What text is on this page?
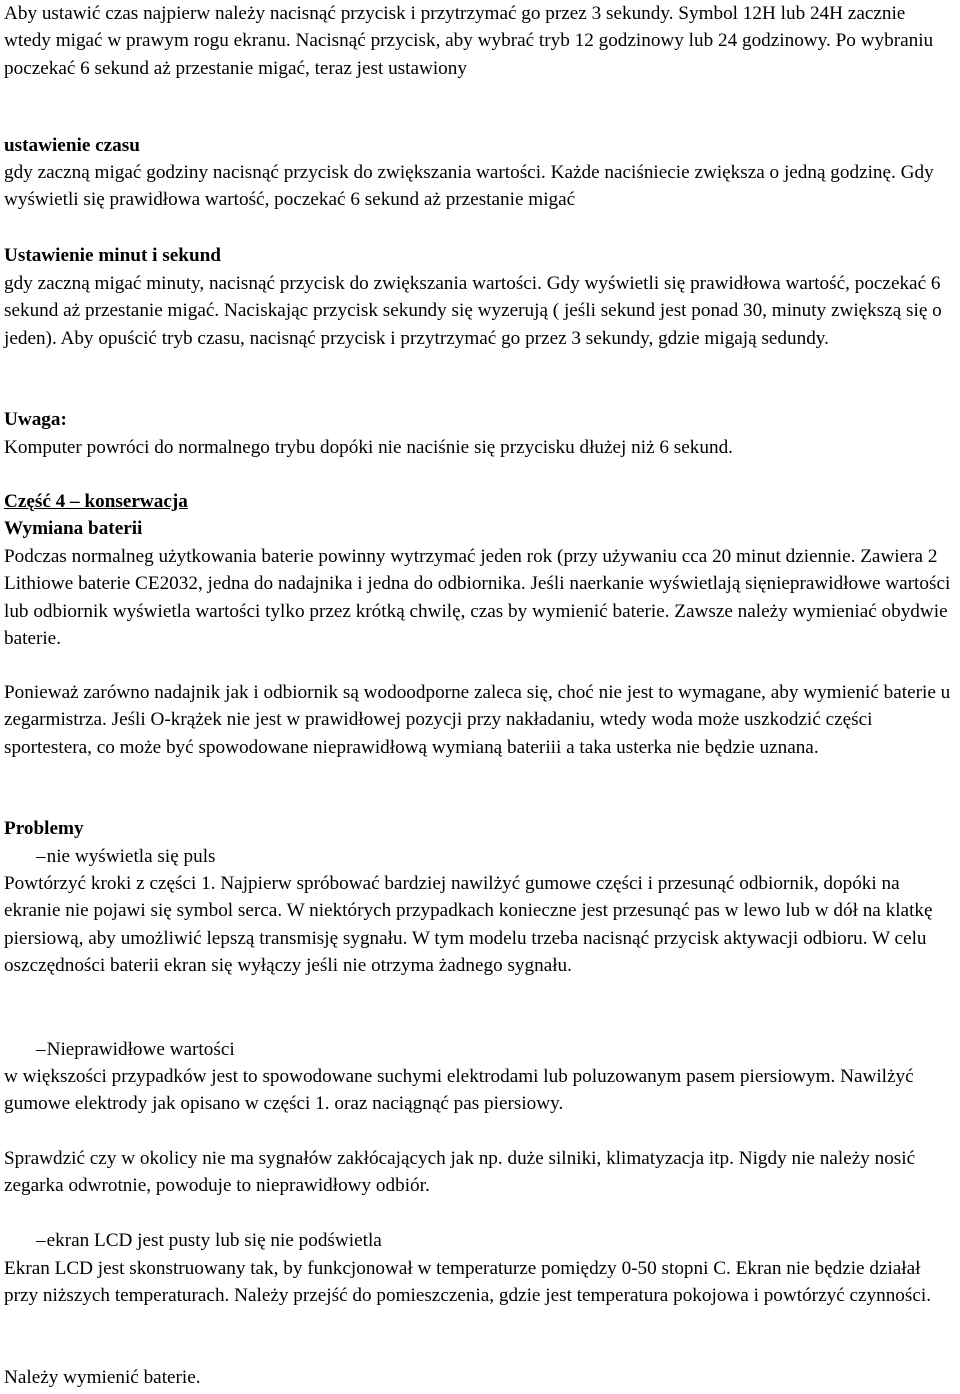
Aby ustawić czas najpierw należy nacisnąć przycisk i przytrzymać go przez 3 sekundy. Symbol 12H lub 24H zacznie wtedy migać w prawym rogu ekranu. Nacisnąć przycisk, aby wybrać tryb 12 godzinowy lub 24 godzinowy. Po wybraniu poczekać 6 sekund aż przestanie migać, teraz jest ustawiony

ustawienie czasu

gdy zaczną migać godziny nacisnąć przycisk do zwiększania wartości. Każde naciśniecie zwiększa o jedną godzinę. Gdy wyświetli się prawidłowa wartość, poczekać 6 sekund aż przestanie migać

Ustawienie minut i sekund

gdy zaczną migać minuty, nacisnąć przycisk do zwiększania wartości. Gdy wyświetli się prawidłowa wartość, poczekać 6 sekund aż przestanie migać. Naciskając przycisk sekundy się wyzerują ( jeśli sekund jest ponad 30, minuty zwiększą się o jeden). Aby opuścić tryb czasu, nacisnąć przycisk i przytrzymać go przez 3 sekundy, gdzie migają sedundy.

Uwaga:

Komputer powróci do normalnego trybu dopóki nie naciśnie się przycisku dłużej niż 6 sekund.

Część 4 – konserwacja

Wymiana baterii

Podczas normalneg użytkowania baterie powinny wytrzymać jeden rok (przy używaniu cca 20 minut dziennie. Zawiera 2 Lithiowe baterie CE2032, jedna do nadajnika i jedna do odbiornika. Jeśli naerkanie wyświetlają sięnieprawidłowe wartości lub odbiornik wyświetla wartości tylko przez krótką chwilę, czas by wymienić baterie. Zawsze należy wymieniać obydwie baterie.

Ponieważ zarówno nadajnik jak i odbiornik są wodoodporne zaleca się, choć nie jest to wymagane, aby wymienić baterie u zegarmistrza. Jeśli O-krążek nie jest w prawidłowej pozycji przy nakładaniu, wtedy woda może uszkodzić części sportestera, co może być spowodowane nieprawidłową wymianą bateriii a taka usterka nie będzie uznana.

Problemy

–nie wyświetla się puls

Powtórzyć kroki z części 1. Najpierw spróbować bardziej nawilżyć gumowe części i przesunąć odbiornik, dopóki na ekranie nie pojawi się symbol serca. W niektórych przypadkach konieczne jest przesunąć pas w lewo lub w dół na klatkę piersiową, aby umożliwić lepszą transmisję sygnału. W tym modelu trzeba nacisnąć przycisk aktywacji odbioru. W celu oszczędności baterii ekran się wyłączy jeśli nie otrzyma żadnego sygnału.

–Nieprawidłowe wartości

w większości przypadków jest to spowodowane suchymi elektrodami lub poluzowanym pasem piersiowym. Nawilżyć gumowe elektrody jak opisano w części 1. oraz naciągnąć pas piersiowy.

Sprawdzić czy w okolicy nie ma sygnałów zakłócających jak np. duże silniki, klimatyzacja itp. Nigdy nie należy nosić zegarka odwrotnie, powoduje to nieprawidłowy odbiór.

–ekran LCD jest pusty lub się nie podświetla

Ekran LCD jest skonstruowany tak, by funkcjonował w temperaturze pomiędzy 0-50 stopni C. Ekran nie będzie działał przy niższych temperaturach. Należy przejść do pomieszczenia, gdzie jest temperatura pokojowa i powtórzyć czynności.

Należy wymienić baterie.
